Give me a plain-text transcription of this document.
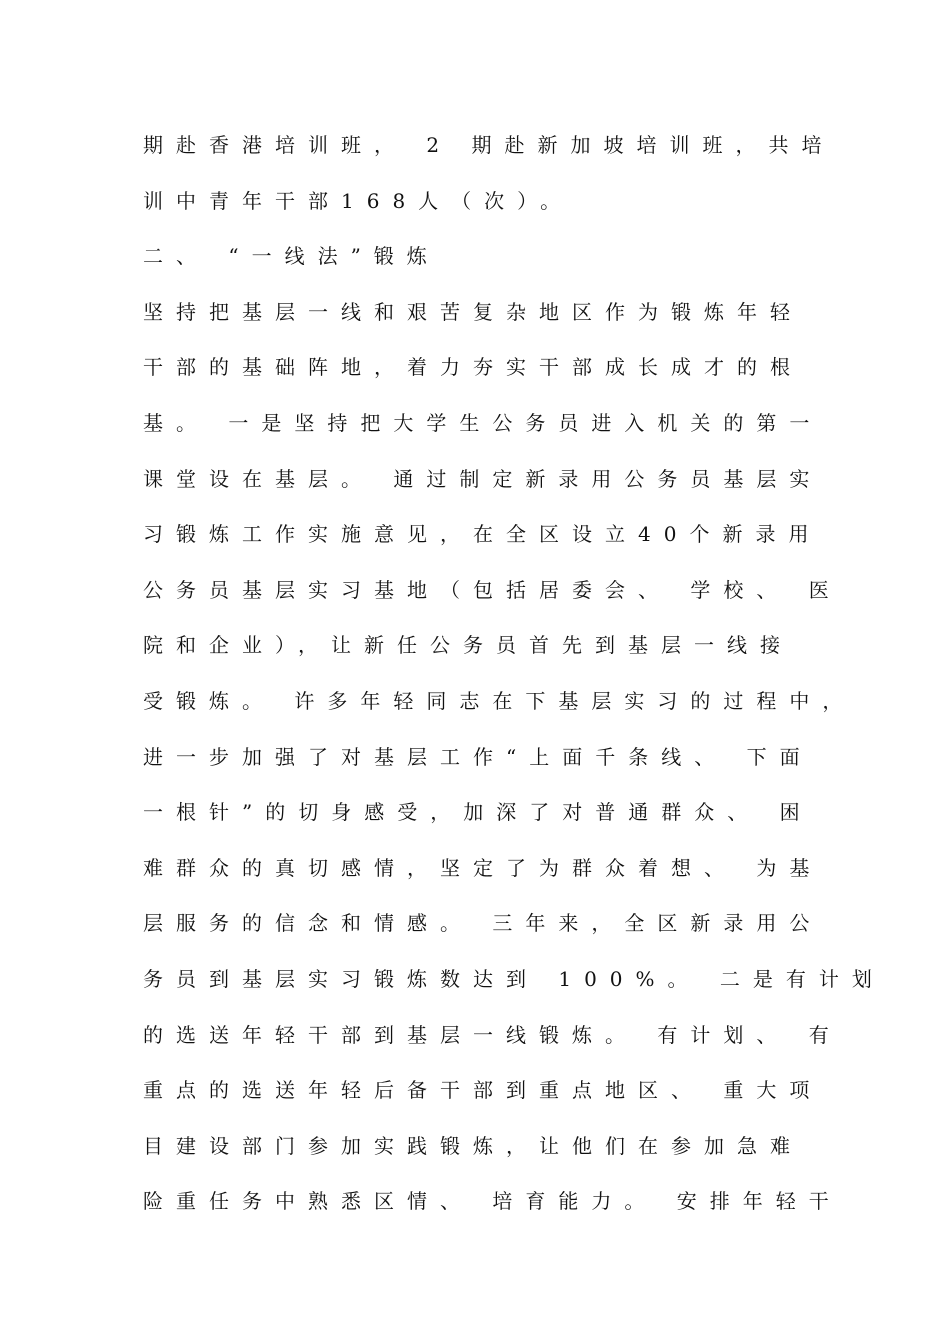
期赴香港培训班， 2 期赴新加坡培训班，共培
训中青年干部168人（次）。
二、 “一线法”锻炼
坚持把基层一线和艰苦复杂地区作为锻炼年轻
干部的基础阵地，着力夯实干部成长成才的根
基。 一是坚持把大学生公务员进入机关的第一
课堂设在基层。 通过制定新录用公务员基层实
习锻炼工作实施意见，在全区设立40个新录用
公务员基层实习基地（包括居委会、 学校、 医
院和企业），让新任公务员首先到基层一线接
受锻炼。 许多年轻同志在下基层实习的过程中，
进一步加强了对基层工作“上面千条线、 下面
一根针”的切身感受，加深了对普通群众、 困
难群众的真切感情，坚定了为群众着想、 为基
层服务的信念和情感。 三年来，全区新录用公
务员到基层实习锻炼数达到 100%。 二是有计划
的选送年轻干部到基层一线锻炼。 有计划、 有
重点的选送年轻后备干部到重点地区、 重大项
目建设部门参加实践锻炼，让他们在参加急难
险重任务中熟悉区情、 培育能力。 安排年轻干
